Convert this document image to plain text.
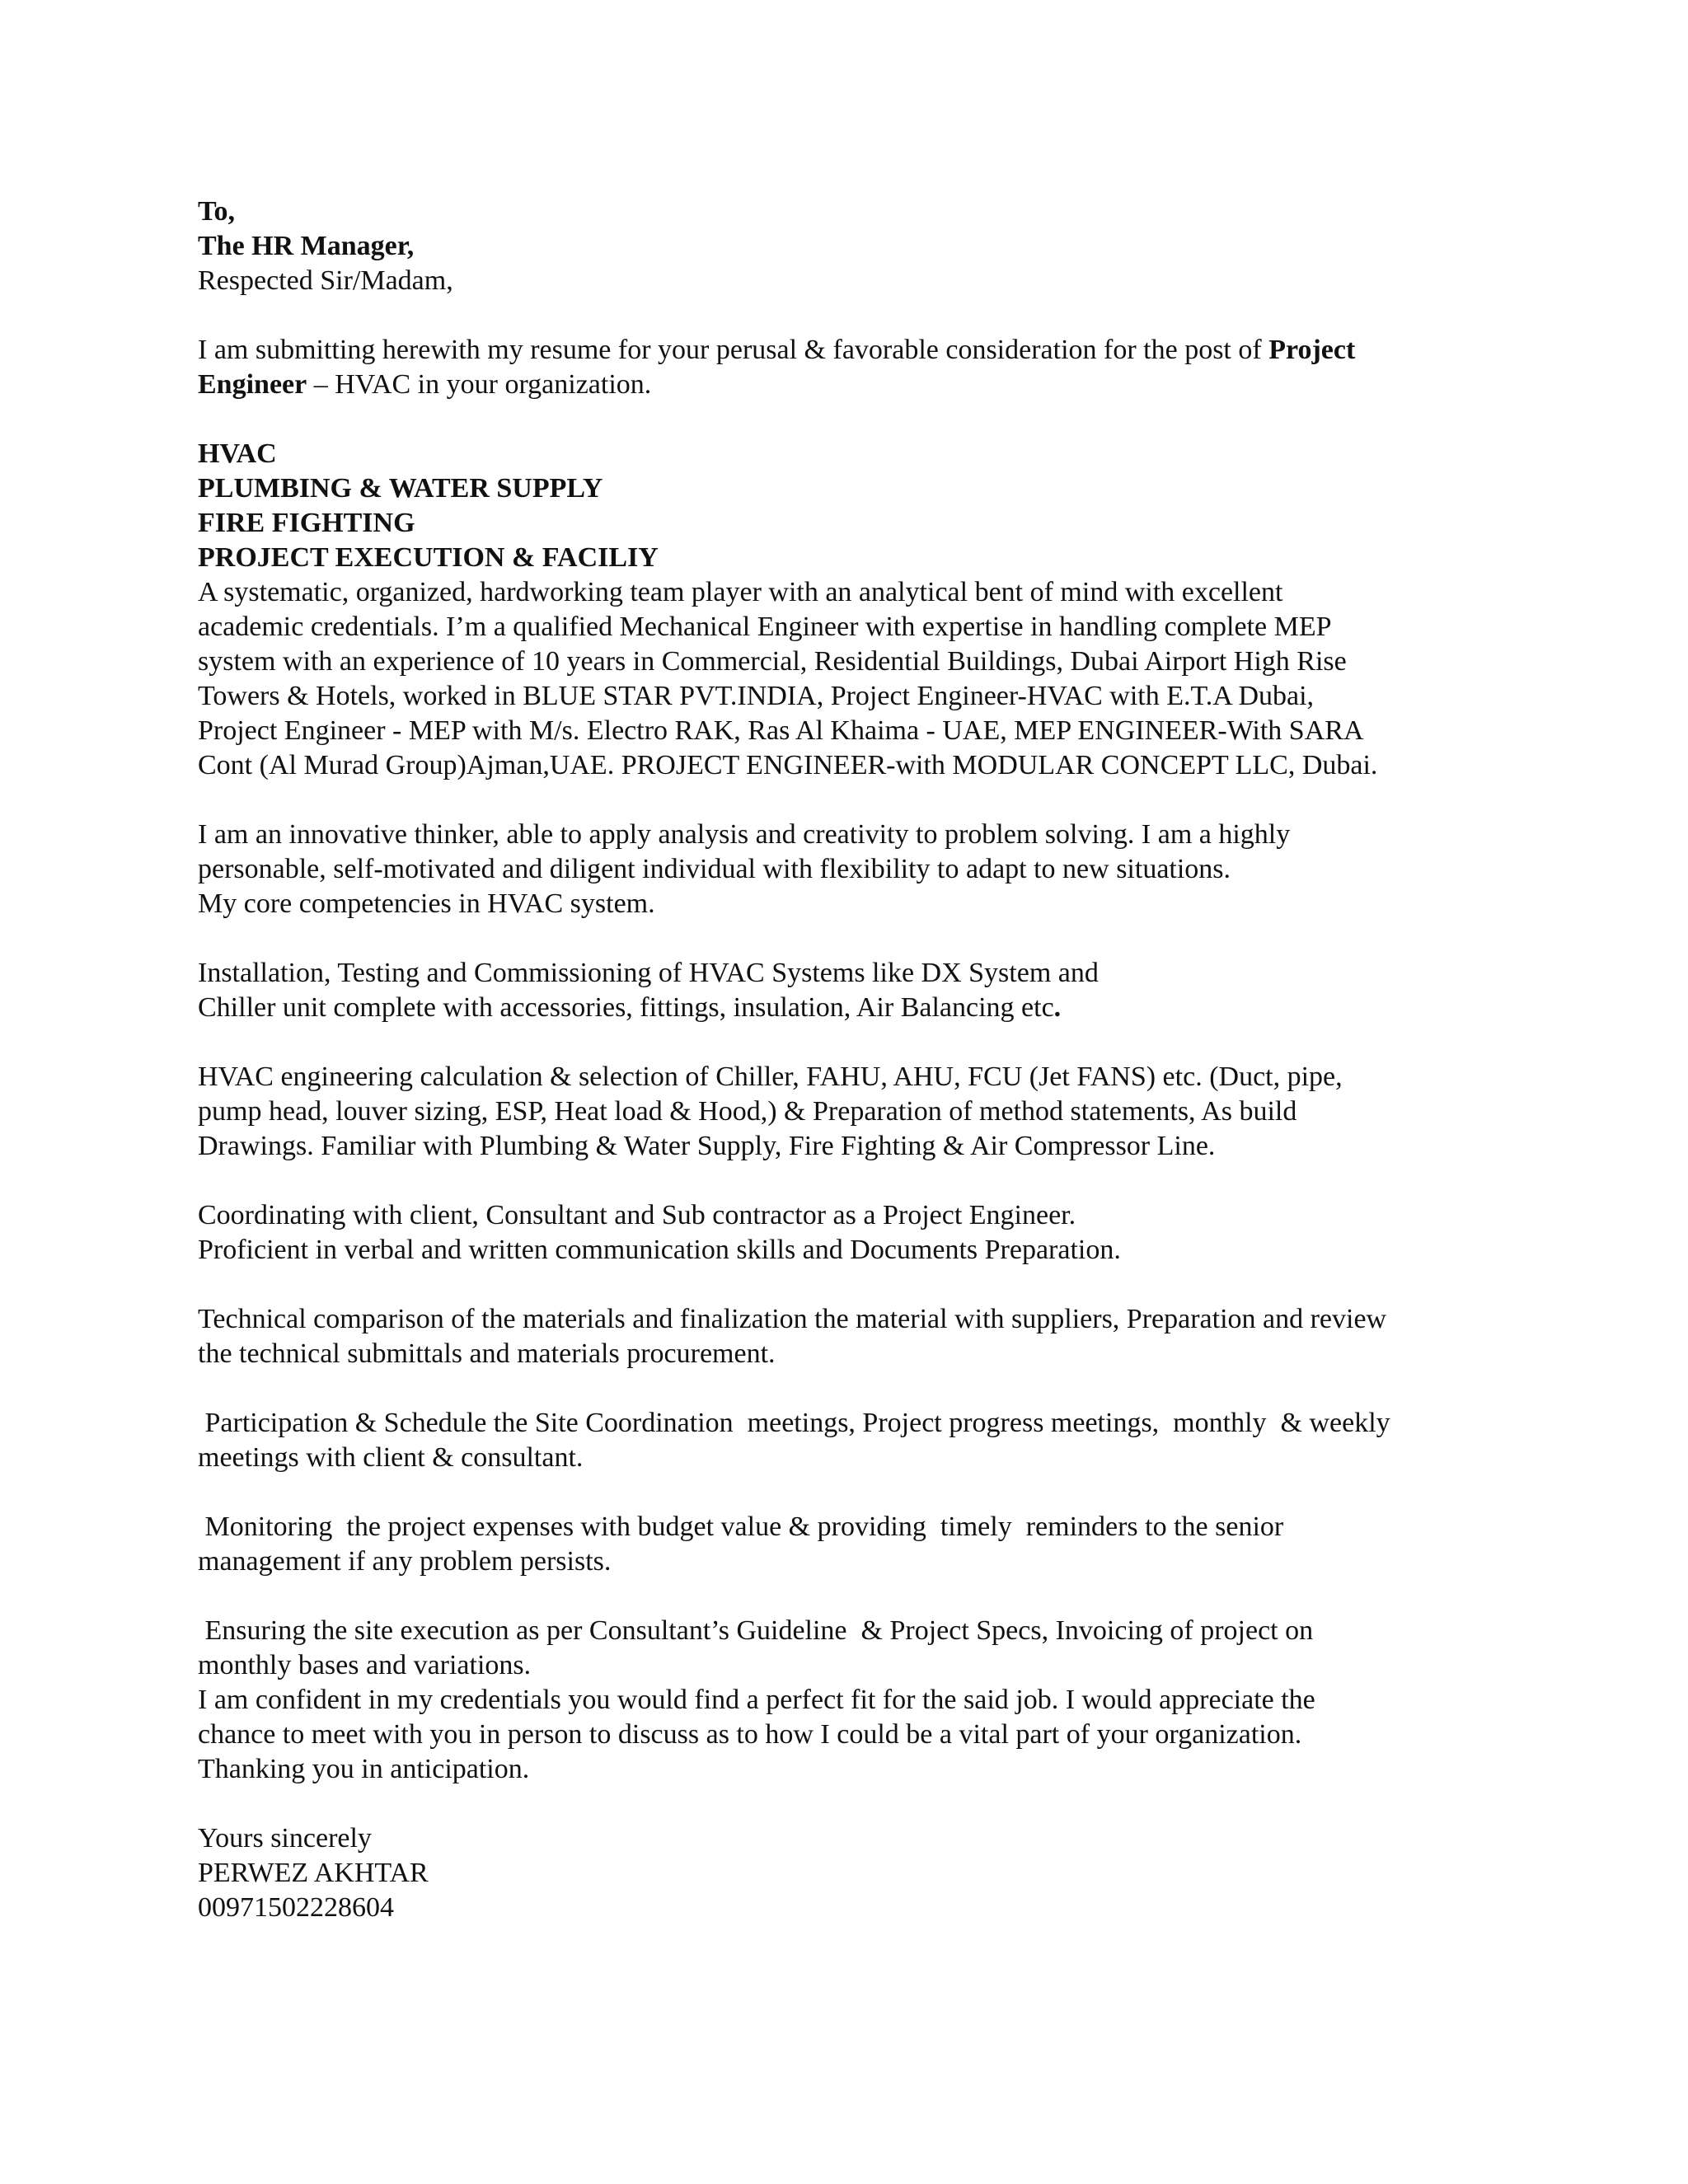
To,
The HR Manager,
Respected Sir/Madam,
I am submitting herewith my resume for your perusal & favorable consideration for the post of Project
Engineer – HVAC in your organization.
HVAC
PLUMBING & WATER SUPPLY
FIRE FIGHTING
PROJECT EXECUTION & FACILIY
A systematic, organized, hardworking team player with an analytical bent of mind with excellent
academic credentials. I’m a qualified Mechanical Engineer with expertise in handling complete MEP
system with an experience of 10 years in Commercial, Residential Buildings, Dubai Airport High Rise
Towers & Hotels, worked in BLUE STAR PVT.INDIA, Project Engineer-HVAC with E.T.A Dubai,
Project Engineer - MEP with M/s. Electro RAK, Ras Al Khaima - UAE, MEP ENGINEER-With SARA
Cont (Al Murad Group)Ajman,UAE. PROJECT ENGINEER-with MODULAR CONCEPT LLC, Dubai.
I am an innovative thinker, able to apply analysis and creativity to problem solving. I am a highly
personable, self-motivated and diligent individual with flexibility to adapt to new situations.
My core competencies in HVAC system.
Installation, Testing and Commissioning of HVAC Systems like DX System and
Chiller unit complete with accessories, fittings, insulation, Air Balancing etc.
HVAC engineering calculation & selection of Chiller, FAHU, AHU, FCU (Jet FANS) etc. (Duct, pipe,
pump head, louver sizing, ESP, Heat load & Hood,) & Preparation of method statements, As build
Drawings. Familiar with Plumbing & Water Supply, Fire Fighting & Air Compressor Line.
Coordinating with client, Consultant and Sub contractor as a Project Engineer.
Proficient in verbal and written communication skills and Documents Preparation.
Technical comparison of the materials and finalization the material with suppliers, Preparation and review
the technical submittals and materials procurement.
Participation & Schedule the Site Coordination  meetings, Project progress meetings,  monthly  & weekly
meetings with client & consultant.
Monitoring  the project expenses with budget value & providing  timely  reminders to the senior
management if any problem persists.
Ensuring the site execution as per Consultant’s Guideline  & Project Specs, Invoicing of project on
monthly bases and variations.
I am confident in my credentials you would find a perfect fit for the said job. I would appreciate the
chance to meet with you in person to discuss as to how I could be a vital part of your organization.
Thanking you in anticipation.
Yours sincerely
PERWEZ AKHTAR
00971502228604
